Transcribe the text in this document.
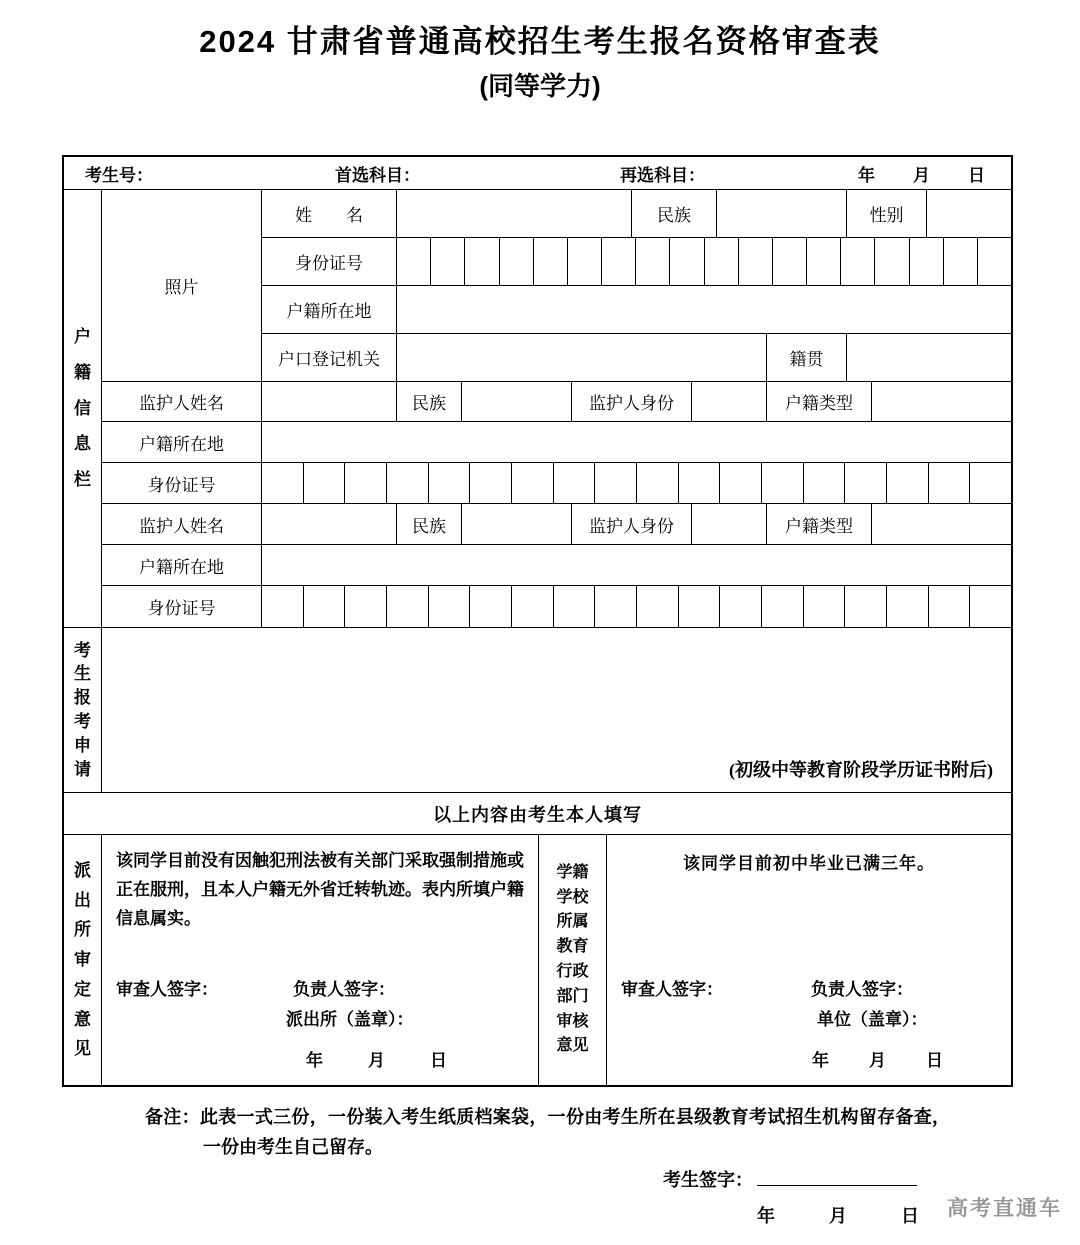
2024 甘肃省普通高校招生考生报名资格审查表
(同等学力)
考生号：	首选科目：	再选科目：	年 月 日
户籍信息栏
照片
姓　　名	民族	性别
身份证号
户籍所在地
户口登记机关	籍贯
监护人姓名	民族	监护人身份	户籍类型
户籍所在地
身份证号
监护人姓名	民族	监护人身份	户籍类型
户籍所在地
身份证号
考生报考申请	(初级中等教育阶段学历证书附后)
以上内容由考生本人填写
派出所审定意见
该同学目前没有因触犯刑法被有关部门采取强制措施或正在服刑，且本人户籍无外省迁转轨迹。表内所填户籍信息属实。
审查人签字：	负责人签字：
派出所（盖章）：
年	月	日
学籍学校所属教育行政部门审核意见
该同学目前初中毕业已满三年。
审查人签字：	负责人签字：
单位（盖章）：
年 月 日
备注：此表一式三份，一份装入考生纸质档案袋，一份由考生所在县级教育考试招生机构留存备查，一份由考生自己留存。
考生签字：
年	月	日 高考直通车
